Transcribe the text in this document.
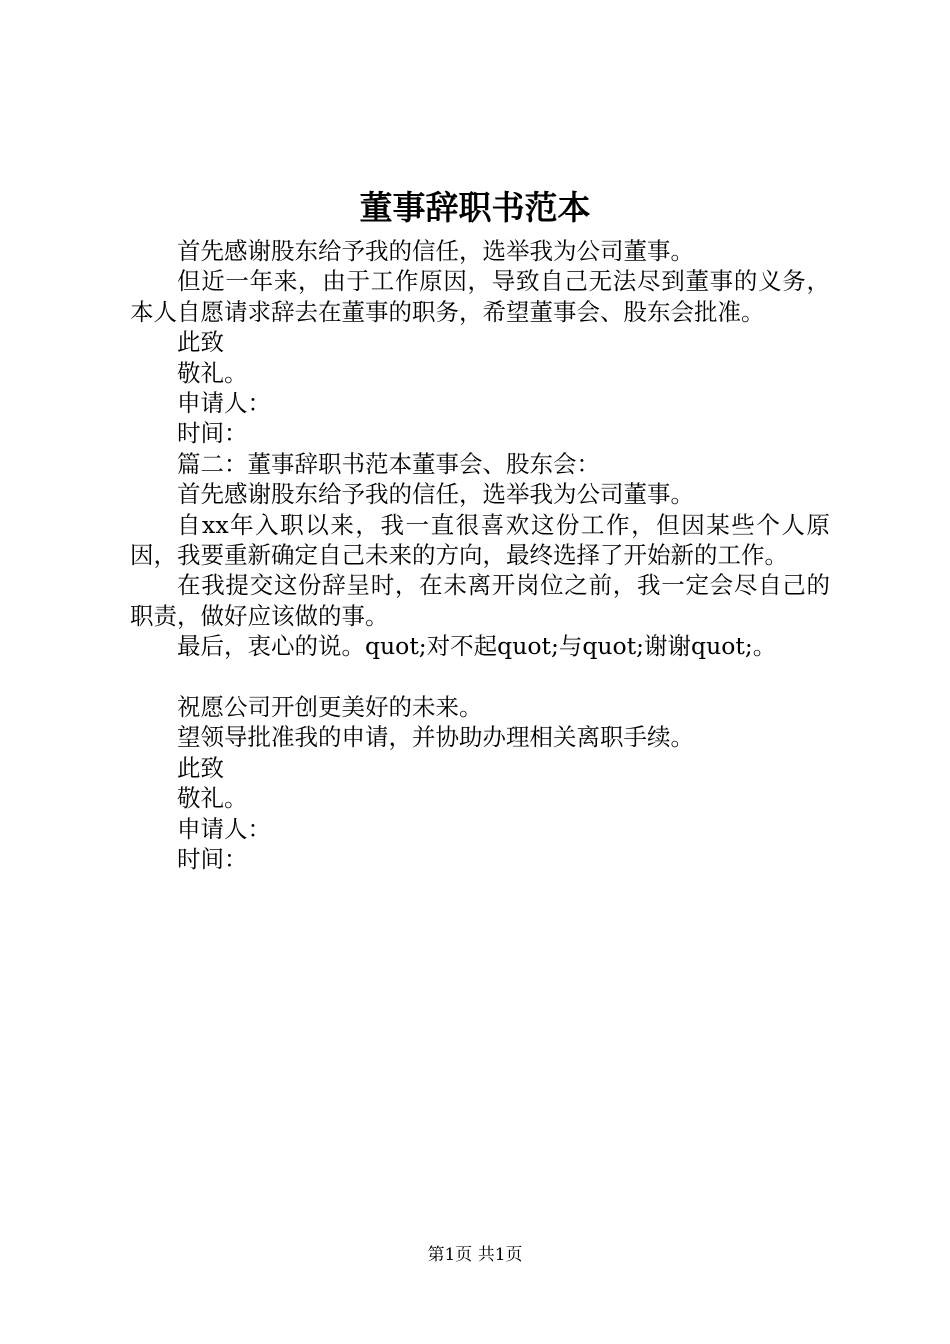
董事辞职书范本

首先感谢股东给予我的信任，选举我为公司董事。

但近一年来，由于工作原因，导致自己无法尽到董事的义务，本人自愿请求辞去在董事的职务，希望董事会、股东会批准。

此致

敬礼。

申请人：

时间：

篇二：董事辞职书范本董事会、股东会：

首先感谢股东给予我的信任，选举我为公司董事。

自xx年入职以来，我一直很喜欢这份工作，但因某些个人原因，我要重新确定自己未来的方向，最终选择了开始新的工作。

在我提交这份辞呈时，在未离开岗位之前，我一定会尽自己的职责，做好应该做的事。

最后，衷心的说。quot;对不起quot;与quot;谢谢quot;。

祝愿公司开创更美好的未来。

望领导批准我的申请，并协助办理相关离职手续。

此致

敬礼。

申请人：

时间：

第1页 共1页
